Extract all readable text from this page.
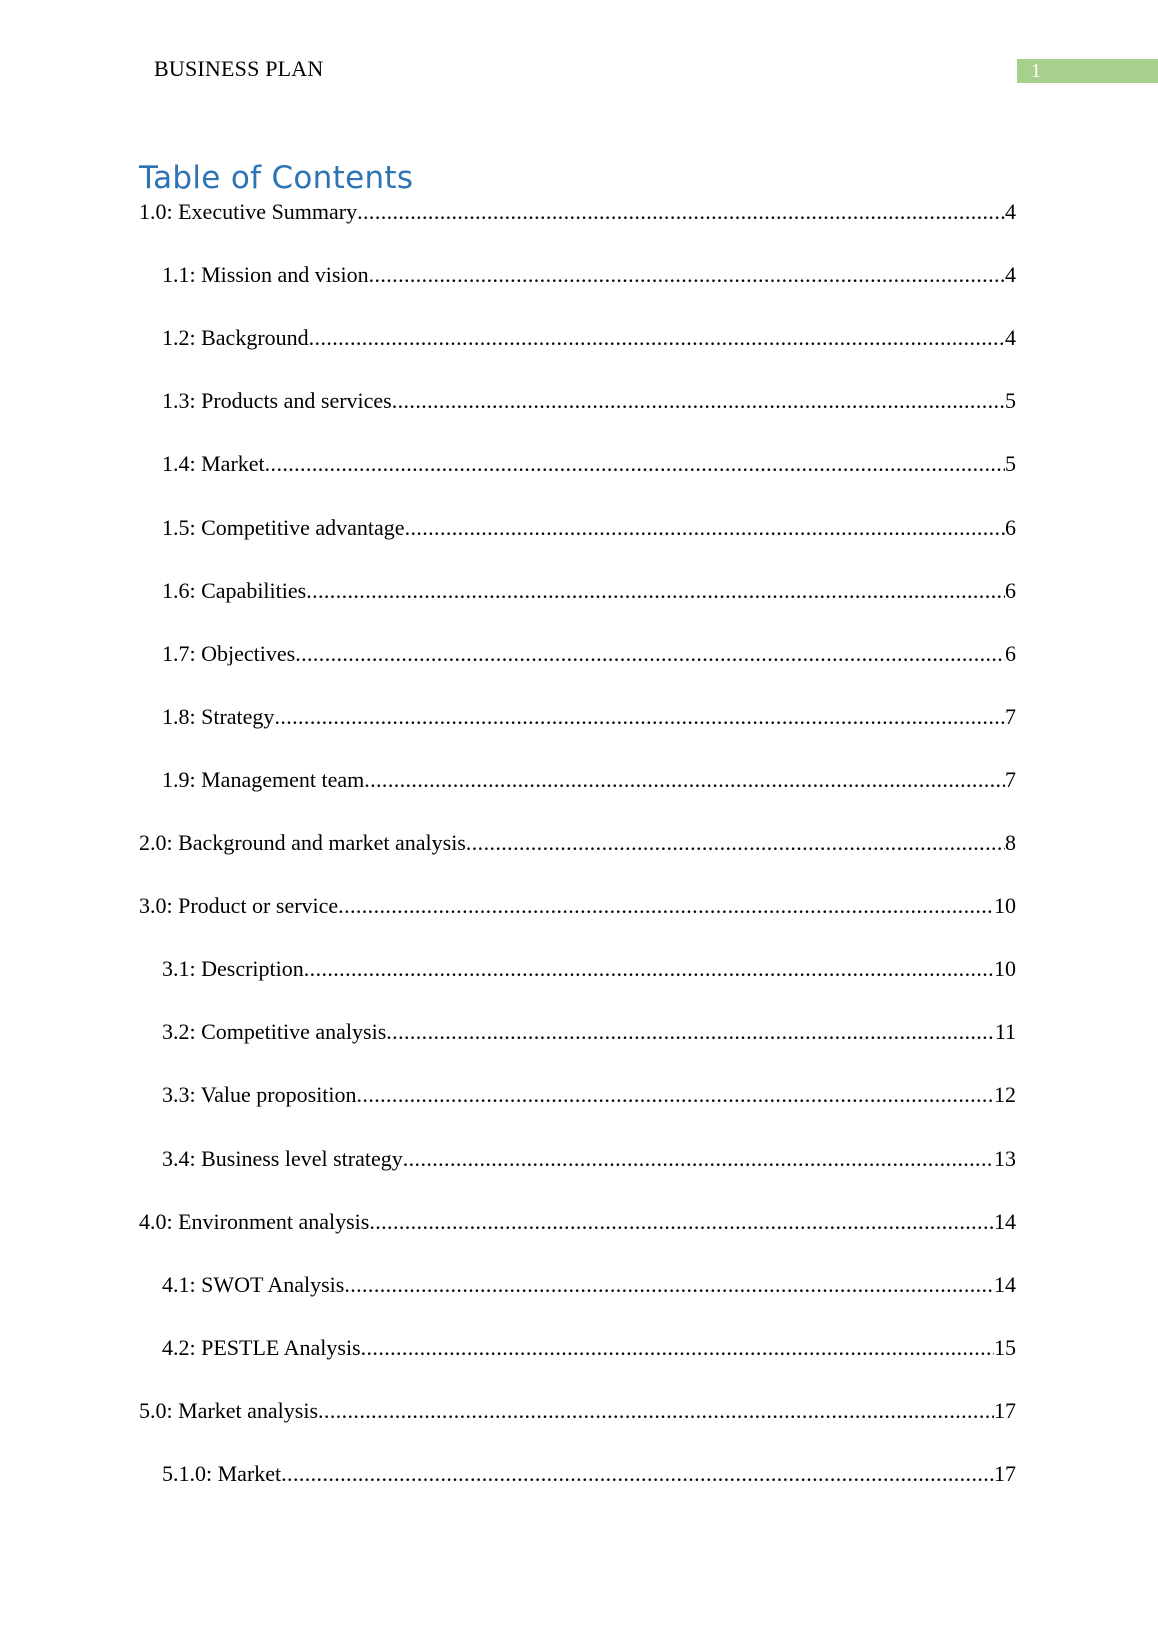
BUSINESS PLAN	1
Table of Contents
1.0: Executive Summary .....	4
1.1: Mission and vision .....	4
1.2: Background .....	4
1.3: Products and services .....	5
1.4: Market .....	5
1.5: Competitive advantage .....	6
1.6: Capabilities .....	6
1.7: Objectives .....	6
1.8: Strategy .....	7
1.9: Management team .....	7
2.0: Background and market analysis .....	8
3.0: Product or service .....	10
3.1: Description .....	10
3.2: Competitive analysis .....	11
3.3: Value proposition .....	12
3.4: Business level strategy .....	13
4.0: Environment analysis .....	14
4.1: SWOT Analysis .....	14
4.2: PESTLE Analysis .....	15
5.0: Market analysis .....	17
5.1.0: Market .....	17
